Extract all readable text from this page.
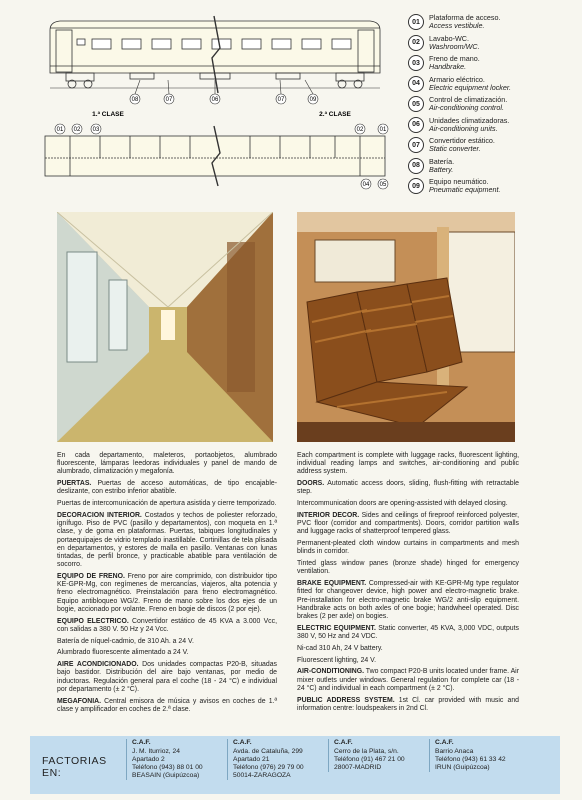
08	07	06	07	09
1.ª CLASE	2.ª CLASE
01 02 03	02	01
04 05
01	Plataforma de acceso.
Access vestibule.
02	Lavabo-WC.
Washroom/WC.
03	Freno de mano.
Handbrake.
04	Armario eléctrico.
Electric equipment locker.
05	Control de climatización.
Air-conditioning control.
06	Unidades climatizadoras.
Air-conditioning units.
07	Convertidor estático.
Static converter.
08	Batería.
Battery.
09	Equipo neumático.
Pneumatic equipment.

En cada departamento, maleteros, portaobjetos, alumbrado fluorescente, lámparas leedoras individuales y panel de mando de alumbrado, climatización y megafonía.

PUERTAS. Puertas de acceso automáticas, de tipo encajable-deslizante, con estribo inferior abatible.

Puertas de intercomunicación de apertura asistida y cierre temporizado.

DECORACION INTERIOR. Costados y techos de poliester reforzado, ignífugo. Piso de PVC (pasillo y departamentos), con moqueta en 1.ª clase, y de goma en plataformas. Puertas, tabiques longitudinales y portaequipajes de vidrio templado inastillable. Cortinillas de tela plisada en departamentos, y estores de malla en pasillo. Ventanas con lunas tintadas, de perfil bronce, y practicable abatible para ventilación de socorro.

EQUIPO DE FRENO. Freno por aire comprimido, con distribuidor tipo KE-GPR-Mg, con regímenes de mercancías, viajeros, alta potencia y freno electromagnético. Preinstalación para freno electromagnético. Equipo antibloqueo WG/2. Freno de mano sobre los dos ejes de un bogie, accionado por volante. Freno en bogie de discos (2 por eje).

EQUIPO ELECTRICO. Convertidor estático de 45 KVA a 3.000 Vcc, con salidas a 380 V. 50 Hz y 24 Vcc.

Batería de níquel-cadmio, de 310 Ah. a 24 V.

Alumbrado fluorescente alimentado a 24 V.

AIRE ACONDICIONADO. Dos unidades compactas P20-B, situadas bajo bastidor. Distribución del aire bajo ventanas, por medio de inductoras. Regulación general para el coche (18 - 24 °C) e individual por departamento (± 2 °C).

MEGAFONIA. Central emisora de música y avisos en coches de 1.ª clase y amplificador en coches de 2.ª clase.

Each compartment is complete with luggage racks, fluorescent lighting, individual reading lamps and switches, air-conditioning and public address system.

DOORS. Automatic access doors, sliding, flush-fitting with retractable step.

Intercommunication doors are opening-assisted with delayed closing.

INTERIOR DECOR. Sides and ceilings of fireproof reinforced polyester, PVC floor (corridor and compartments). Doors, corridor partition walls and luggage racks of shatterproof tempered glass.

Permanent-pleated cloth window curtains in compartments and mesh blinds in corridor.

Tinted glass window panes (bronze shade) hinged for emergency ventilation.

BRAKE EQUIPMENT. Compressed-air with KE-GPR-Mg type regulator fitted for changeover device, high power and electro-magnetic brake. Pre-installation for electro-magnetic brake WG/2 anti-slip equipment. Handbrake acts on both axles of one bogie; handwheel operated. Disc brakes (2 per axle) on bogies.

ELECTRIC EQUIPMENT. Static converter, 45 KVA, 3,000 VDC, outputs 380 V, 50 Hz and 24 VDC.

Ni-cad 310 Ah, 24 V battery.

Fluorescent lighting, 24 V.

AIR-CONDITIONING. Two compact P20-B units located under frame. Air mixer outlets under windows. General regulation for complete car (18 - 24 °C) and individual in each compartment (± 2 °C).

PUBLIC ADDRESS SYSTEM. 1st Cl. car provided with music and information centre: loudspeakers in 2nd Cl.

FACTORIAS EN:
C.A.F.
J. M. Iturrioz, 24
Apartado 2
Teléfono (943) 88 01 00
BEASAIN (Guipúzcoa)
C.A.F.
Avda. de Cataluña, 299
Apartado 21
Teléfono (976) 29 79 00
50014-ZARAGOZA
C.A.F.
Cerro de la Plata, s/n.
Teléfono (91) 467 21 00
28007-MADRID
C.A.F.
Barrio Anaca
Teléfono (943) 61 33 42
IRUN (Guipúzcoa)
